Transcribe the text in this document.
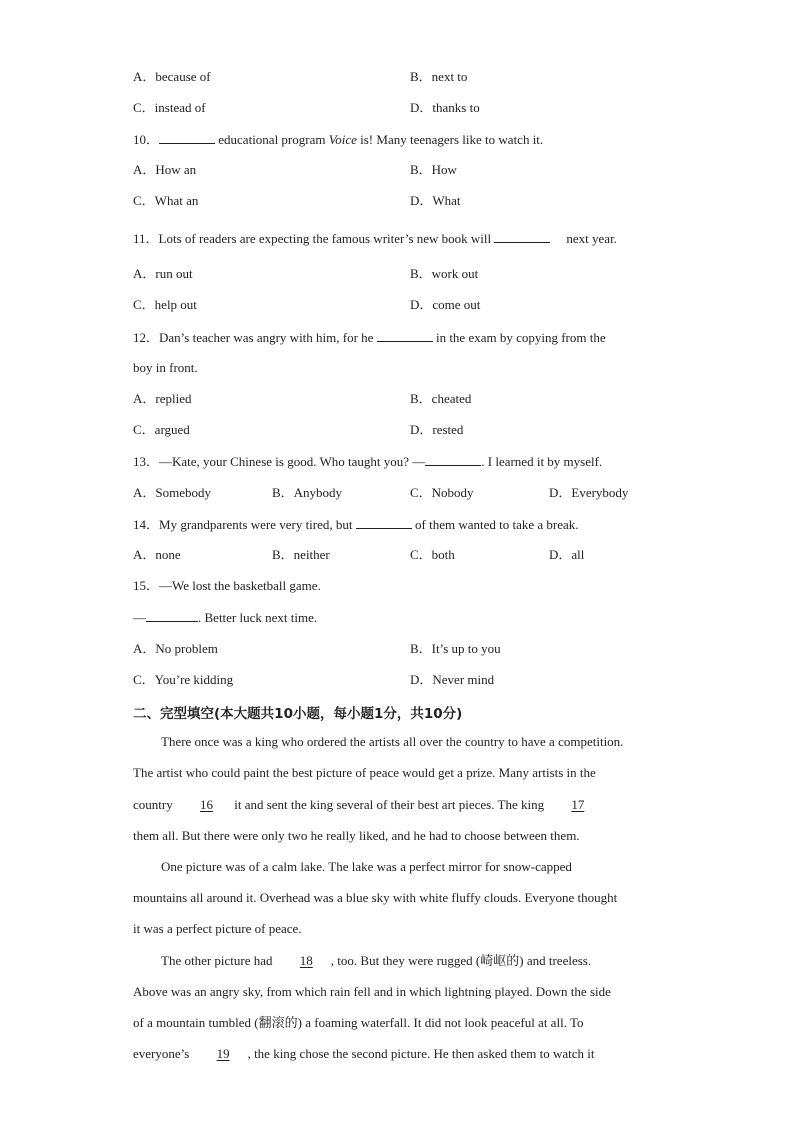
A．because of	B．next to
C．instead of	D．thanks to
10．	educational program Voice is! Many teenagers like to watch it.
A．How an	B．How
C．What an	D．What
11．Lots of readers are expecting the famous writer’s new book will	next year.
A．run out	B．work out
C．help out	D．come out
12．Dan’s teacher was angry with him, for he	in the exam by copying from the
boy in front.
A．replied	B．cheated
C．argued	D．rested
13．—Kate, your Chinese is good. Who taught you? —	. I learned it by myself.
A．Somebody	B．Anybody	C．Nobody	D．Everybody
14．My grandparents were very tired, but	of them wanted to take a break.
A．none	B．neither	C．both	D．all
15．—We lost the basketball game.
—	. Better luck next time.
A．No problem	B．It’s up to you
C．You’re kidding	D．Never mind
二、完型填空(本大题共10小题，每小题1分，共10分)
There once was a king who ordered the artists all over the country to have a competition.
The artist who could paint the best picture of peace would get a prize. Many artists in the
country 16 it and sent the king several of their best art pieces. The king 17
them all. But there were only two he really liked, and he had to choose between them.
One picture was of a calm lake. The lake was a perfect mirror for snow-capped
mountains all around it. Overhead was a blue sky with white fluffy clouds. Everyone thought
it was a perfect picture of peace.
The other picture had 18 , too. But they were rugged (崎岖的) and treeless.
Above was an angry sky, from which rain fell and in which lightning played. Down the side
of a mountain tumbled (翻滚的) a foaming waterfall. It did not look peaceful at all. To
everyone’s 19 , the king chose the second picture. He then asked them to watch it
